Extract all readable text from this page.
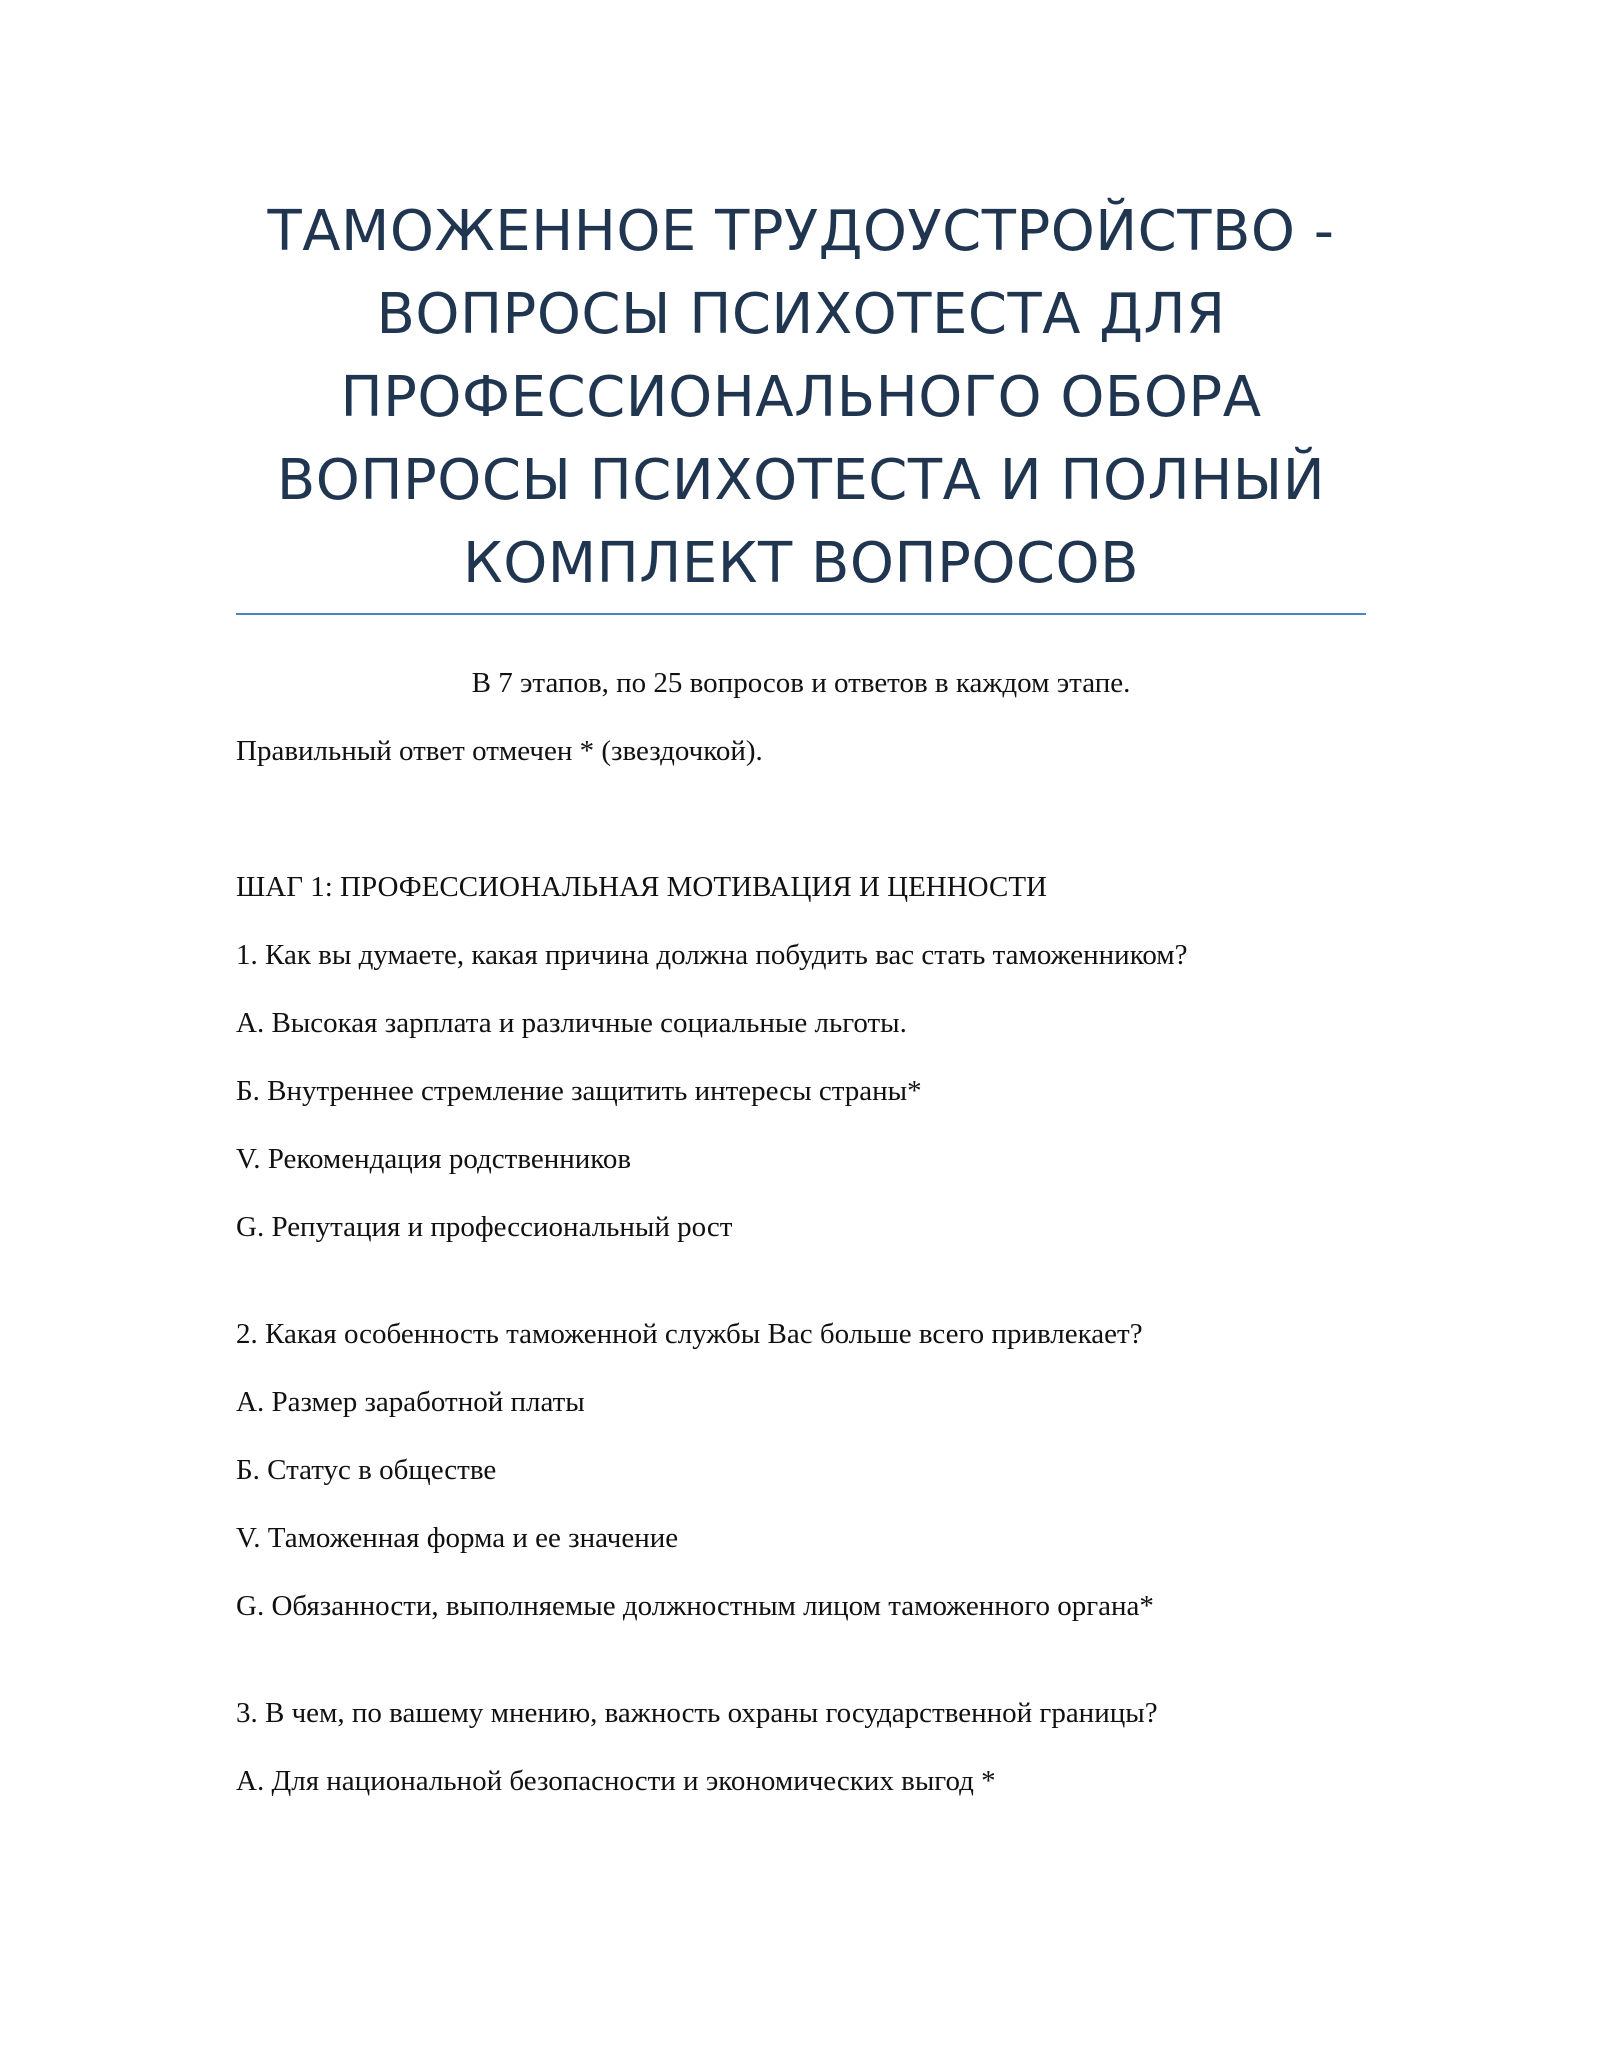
ТАМОЖЕННОЕ ТРУДОУСТРОЙСТВО -
ВОПРОСЫ ПСИХОТЕСТА ДЛЯ
ПРОФЕССИОНАЛЬНОГО ОБОРА
ВОПРОСЫ ПСИХОТЕСТА И ПОЛНЫЙ
КОМПЛЕКТ ВОПРОСОВ

В 7 этапов, по 25 вопросов и ответов в каждом этапе.

Правильный ответ отмечен * (звездочкой).

ШАГ 1: ПРОФЕССИОНАЛЬНАЯ МОТИВАЦИЯ И ЦЕННОСТИ

1. Как вы думаете, какая причина должна побудить вас стать таможенником?

А. Высокая зарплата и различные социальные льготы.

Б. Внутреннее стремление защитить интересы страны*

V. Рекомендация родственников

G. Репутация и профессиональный рост

2. Какая особенность таможенной службы Вас больше всего привлекает?

А. Размер заработной платы

Б. Статус в обществе

V. Таможенная форма и ее значение

G. Обязанности, выполняемые должностным лицом таможенного органа*

3. В чем, по вашему мнению, важность охраны государственной границы?

А. Для национальной безопасности и экономических выгод *
